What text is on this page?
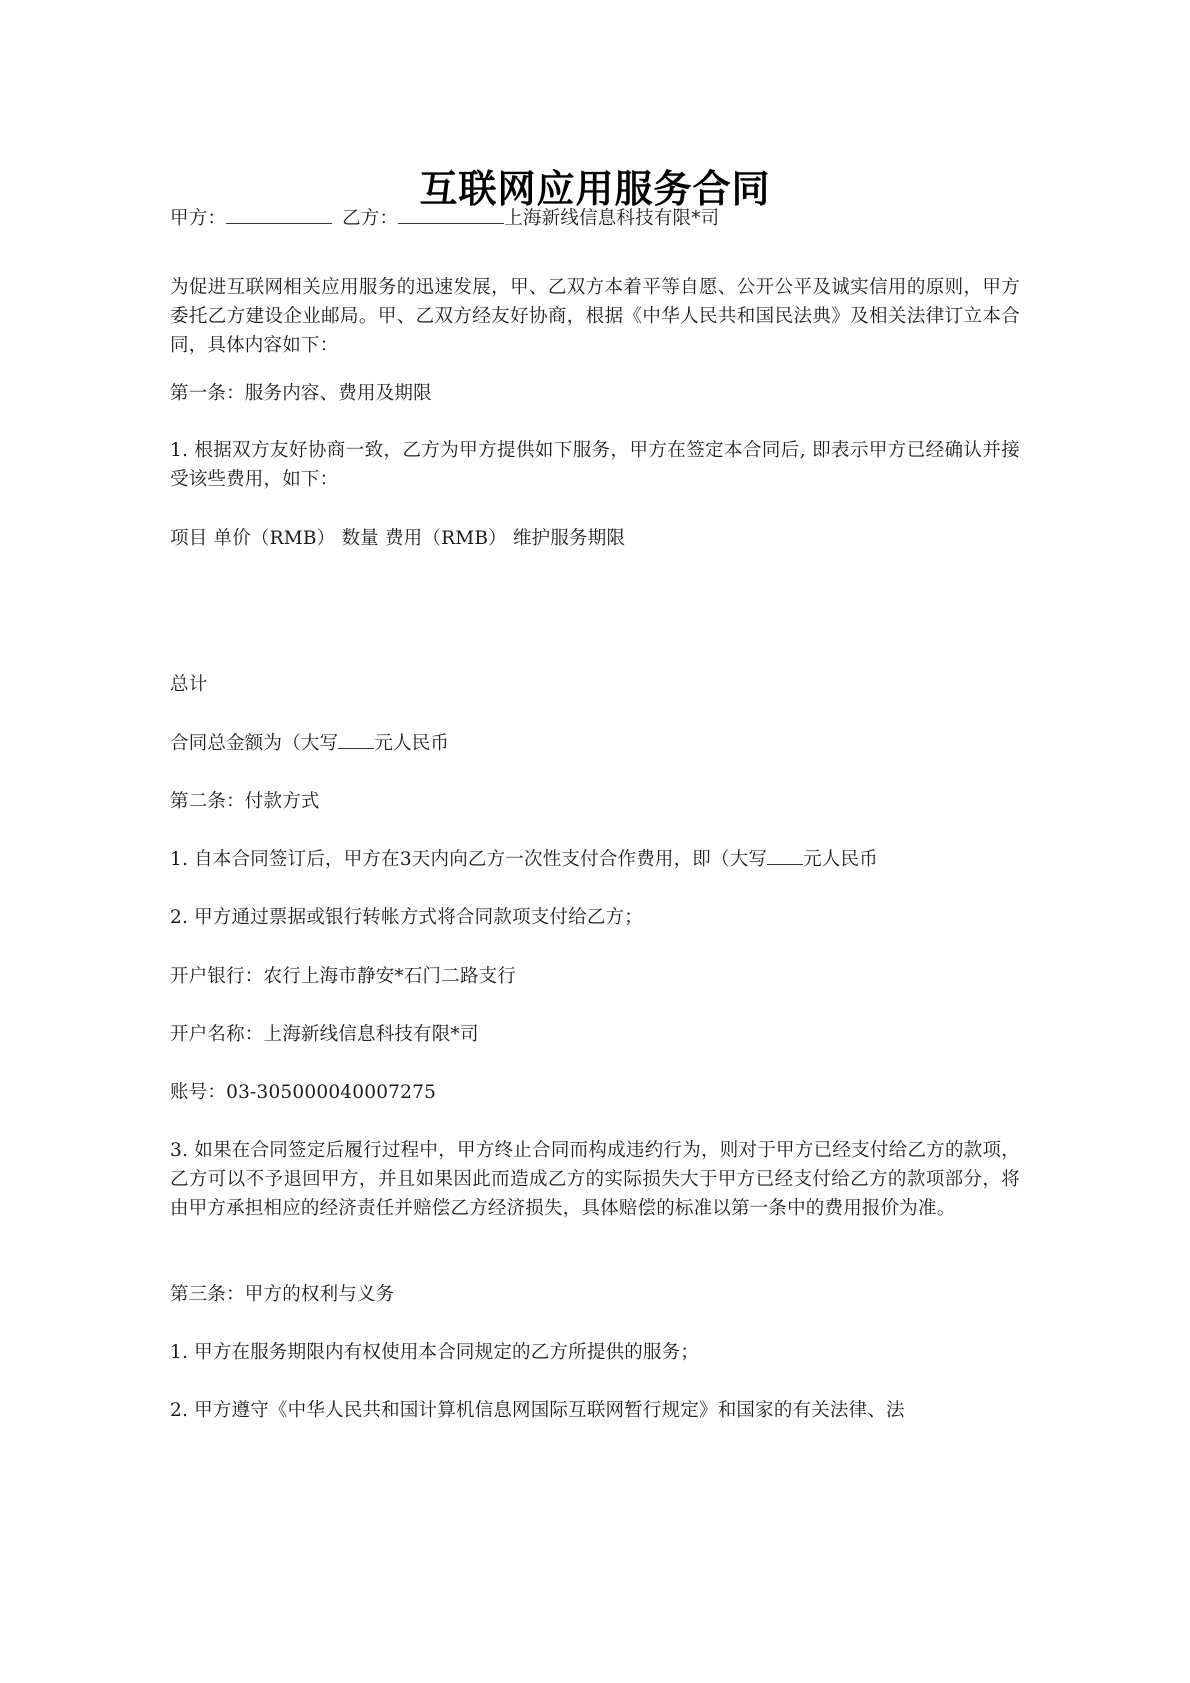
互联网应用服务合同
甲方：	乙方：	上海新线信息科技有限*司
为促进互联网相关应用服务的迅速发展，甲、乙双方本着平等自愿、公开公平及诚实信用的原则，甲方委托乙方建设企业邮局。甲、乙双方经友好协商，根据《中华人民共和国民法典》及相关法律订立本合同，具体内容如下：
第一条：服务内容、费用及期限
1. 根据双方友好协商一致，乙方为甲方提供如下服务，甲方在签定本合同后, 即表示甲方已经确认并接受该些费用，如下：
项目 单价（RMB） 数量 费用（RMB） 维护服务期限
总计
合同总金额为（大写 元人民币
第二条：付款方式
1. 自本合同签订后，甲方在3天内向乙方一次性支付合作费用，即（大写 元人民币
2. 甲方通过票据或银行转帐方式将合同款项支付给乙方；
开户银行：农行上海市静安*石门二路支行
开户名称：上海新线信息科技有限*司
账号：03-305000040007275
3. 如果在合同签定后履行过程中，甲方终止合同而构成违约行为，则对于甲方已经支付给乙方的款项，乙方可以不予退回甲方，并且如果因此而造成乙方的实际损失大于甲方已经支付给乙方的款项部分，将由甲方承担相应的经济责任并赔偿乙方经济损失，具体赔偿的标准以第一条中的费用报价为准。
第三条：甲方的权利与义务
1. 甲方在服务期限内有权使用本合同规定的乙方所提供的服务；
2. 甲方遵守《中华人民共和国计算机信息网国际互联网暂行规定》和国家的有关法律、法
